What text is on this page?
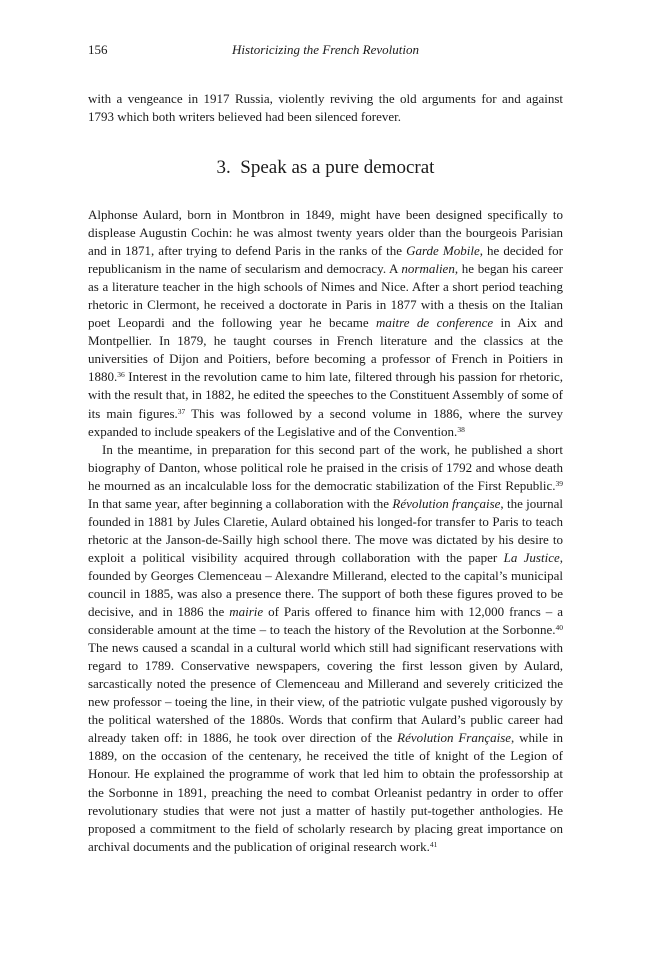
156	Historicizing the French Revolution

with a vengeance in 1917 Russia, violently reviving the old arguments for and against 1793 which both writers believed had been silenced forever.

3. Speak as a pure democrat

Alphonse Aulard, born in Montbron in 1849, might have been designed specifically to displease Augustin Cochin: he was almost twenty years older than the bourgeois Parisian and in 1871, after trying to defend Paris in the ranks of the Garde Mobile, he decided for republicanism in the name of secularism and democracy. A normalien, he began his career as a literature teacher in the high schools of Nimes and Nice. After a short period teaching rhetoric in Clermont, he received a doctorate in Paris in 1877 with a thesis on the Italian poet Leopardi and the following year he became maitre de conference in Aix and Montpellier. In 1879, he taught courses in French literature and the classics at the universities of Dijon and Poitiers, before becoming a professor of French in Poitiers in 1880.36 Interest in the revolution came to him late, filtered through his passion for rhetoric, with the result that, in 1882, he edited the speeches to the Constituent Assembly of some of its main figures.$^{37}$ This was followed by a second volume in 1886, where the survey expanded to include speakers of the Legislative and of the Convention.$^{38}$

In the meantime, in preparation for this second part of the work, he published a short biography of Danton, whose political role he praised in the crisis of 1792 and whose death he mourned as an incalculable loss for the democratic stabilization of the First Republic.$^{39}$ In that same year, after beginning a collaboration with the Révolution française, the journal founded in 1881 by Jules Claretie, Aulard obtained his longed-for transfer to Paris to teach rhetoric at the Janson-de-Sailly high school there. The move was dictated by his desire to exploit a political visibility acquired through collaboration with the paper La Justice, founded by Georges Clemenceau – Alexandre Millerand, elected to the capital’s municipal council in 1885, was also a presence there. The support of both these figures proved to be decisive, and in 1886 the mairie of Paris offered to finance him with 12,000 francs – a considerable amount at the time – to teach the history of the Revolution at the Sorbonne.$^{40}$ The news caused a scandal in a cultural world which still had significant reservations with regard to 1789. Conservative newspapers, covering the first lesson given by Aulard, sarcastically noted the presence of Clemenceau and Millerand and severely criticized the new professor – toeing the line, in their view, of the patriotic vulgate pushed vigorously by the political watershed of the 1880s. Words that confirm that Aulard’s public career had already taken off: in 1886, he took over direction of the Révolution Française, while in 1889, on the occasion of the centenary, he received the title of knight of the Legion of Honour. He explained the programme of work that led him to obtain the professorship at the Sorbonne in 1891, preaching the need to combat Orleanist pedantry in order to offer revolutionary studies that were not just a matter of hastily put-together anthologies. He proposed a commitment to the field of scholarly research by placing great importance on archival documents and the publication of original research work.$^{41}$
